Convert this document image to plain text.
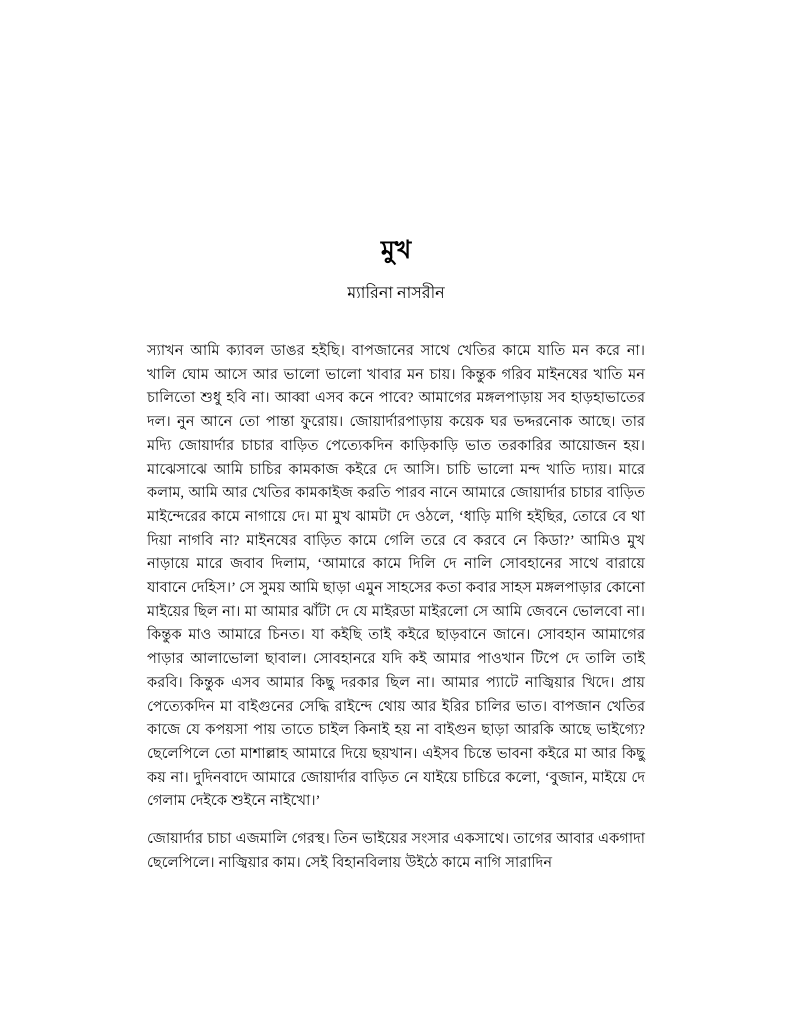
মুখ
ম্যারিনা নাসরীন

স্যাখন আমি ক্যাবল ডাঙর হইছি। বাপজানের সাথে খেতির কামে যাতি মন করে না। খালি ঘোম আসে আর ভালো ভালো খাবার মন চায়। কিন্তুক গরিব মাইনষের খাতি মন চালিতো শুধু হবি না। আব্বা এসব কনে পাবে? আমাগের মঙ্গলপাড়ায় সব হাড়হাভাতের দল। নুন আনে তো পান্তা ফুরোয়। জোয়ার্দারপাড়ায় কয়েক ঘর ভদ্দরনোক আছে। তার মদ্যি জোয়ার্দার চাচার বাড়িত পেত্যেকদিন কাড়িকাড়ি ভাত তরকারির আয়োজন হয়। মাঝেসাঝে আমি চাচির কামকাজ কইরে দে আসি। চাচি ভালো মন্দ খাতি দ্যায়। মারে কলাম, আমি আর খেতির কামকাইজ করতি পারব নানে আমারে জোয়ার্দার চাচার বাড়িত মাইন্দেরের কামে নাগায়ে দে। মা মুখ ঝামটা দে ওঠলে, ‘ধাড়ি মাগি হইছির, তোরে বে থা দিয়া নাগবি না? মাইনষের বাড়িত কামে গেলি তরে বে করবে নে কিডা?’ আমিও মুখ নাড়ায়ে মারে জবাব দিলাম, ‘আমারে কামে দিলি দে নালি সোবহানের সাথে বারায়ে যাবানে দেহিস।’ সে সুময় আমি ছাড়া এমুন সাহসের কতা কবার সাহস মঙ্গলপাড়ার কোনো মাইয়ের ছিল না। মা আমার ঝাঁটা দে যে মাইরডা মাইরলো সে আমি জেবনে ভোলবো না। কিন্তুক মাও আমারে চিনত। যা কইছি তাই কইরে ছাড়বানে জানে। সোবহান আমাগের পাড়ার আলাভোলা ছাবাল। সোবহানরে যদি কই আমার পাওখান টিপে দে তালি তাই করবি। কিন্তুক এসব আমার কিছু দরকার ছিল না। আমার প্যাটে নাজ্বিয়ার খিদে। প্রায় পেত্যেকদিন মা বাইগুনের সেদ্ধি রাইন্দে থোয় আর ইরির চালির ভাত। বাপজান খেতির কাজে যে কপয়সা পায় তাতে চাইল কিনাই হয় না বাইগুন ছাড়া আরকি আছে ভাইগ্যে? ছেলেপিলে তো মাশাল্লাহ আমারে দিয়ে ছয়খান। এইসব চিন্তে ভাবনা কইরে মা আর কিছু কয় না। দুদিনবাদে আমারে জোয়ার্দার বাড়িত নে যাইয়ে চাচিরে কলো, ‘বুজান, মাইয়ে দে গেলাম দেইকে শুইনে নাইখো।’

জোয়ার্দার চাচা এজমালি গেরস্থ। তিন ভাইয়ের সংসার একসাথে। তাগের আবার একগাদা ছেলেপিলে। নাজ্বিয়ার কাম। সেই বিহানবিলায় উইঠে কামে নাগি সারাদিন
